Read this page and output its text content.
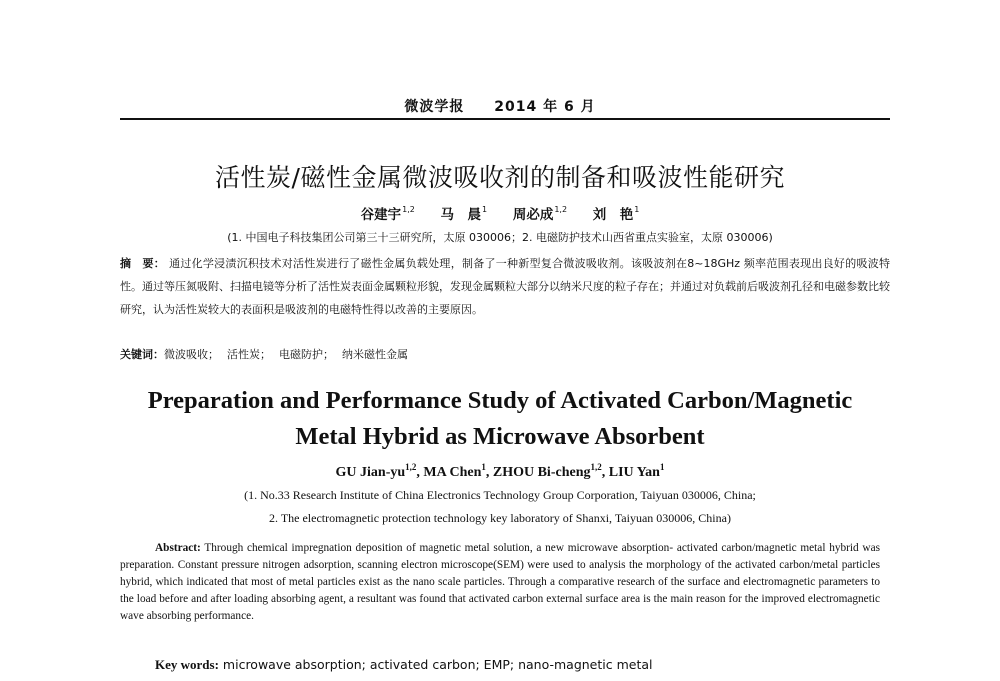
微波学报 2014 年 6 月
活性炭/磁性金属微波吸收剂的制备和吸波性能研究
谷建宇$^{1,2}$ 马　晨$^1$ 周必成$^{1,2}$ 刘　艳$^1$
(1. 中国电子科技集团公司第三十三研究所，太原 030006；2. 电磁防护技术山西省重点实验室，太原 030006)

摘　要： 通过化学浸渍沉积技术对活性炭进行了磁性金属负载处理，制备了一种新型复合微波吸收剂。该吸波剂在8~18GHz 频率范围表现出良好的吸波特性。通过等压氮吸附、扫描电镜等分析了活性炭表面金属颗粒形貌，发现金属颗粒大部分以纳米尺度的粒子存在；并通过对负载前后吸波剂孔径和电磁参数比较研究，认为活性炭较大的表面积是吸波剂的电磁特性得以改善的主要原因。

关键词：微波吸收； 活性炭； 电磁防护； 纳米磁性金属

Preparation and Performance Study of Activated Carbon/Magnetic
Metal Hybrid as Microwave Absorbent
GU Jian-yu$^{1,2}$, MA Chen$^1$, ZHOU Bi-cheng$^{1,2}$, LIU Yan$^1$
(1. No.33 Research Institute of China Electronics Technology Group Corporation, Taiyuan 030006, China;
2. The electromagnetic protection technology key laboratory of Shanxi, Taiyuan 030006, China)

Abstract: Through chemical impregnation deposition of magnetic metal solution, a new microwave absorption- activated carbon/magnetic metal hybrid was preparation. Constant pressure nitrogen adsorption, scanning electron microscope(SEM) were used to analysis the morphology of the activated carbon/metal particles hybrid, which indicated that most of metal particles exist as the nano scale particles. Through a comparative research of the surface and electromagnetic parameters to the load before and after loading absorbing agent, a resultant was found that activated carbon external surface area is the main reason for the improved electromagnetic wave absorbing performance.

Key words: microwave absorption; activated carbon; EMP; nano-magnetic metal
